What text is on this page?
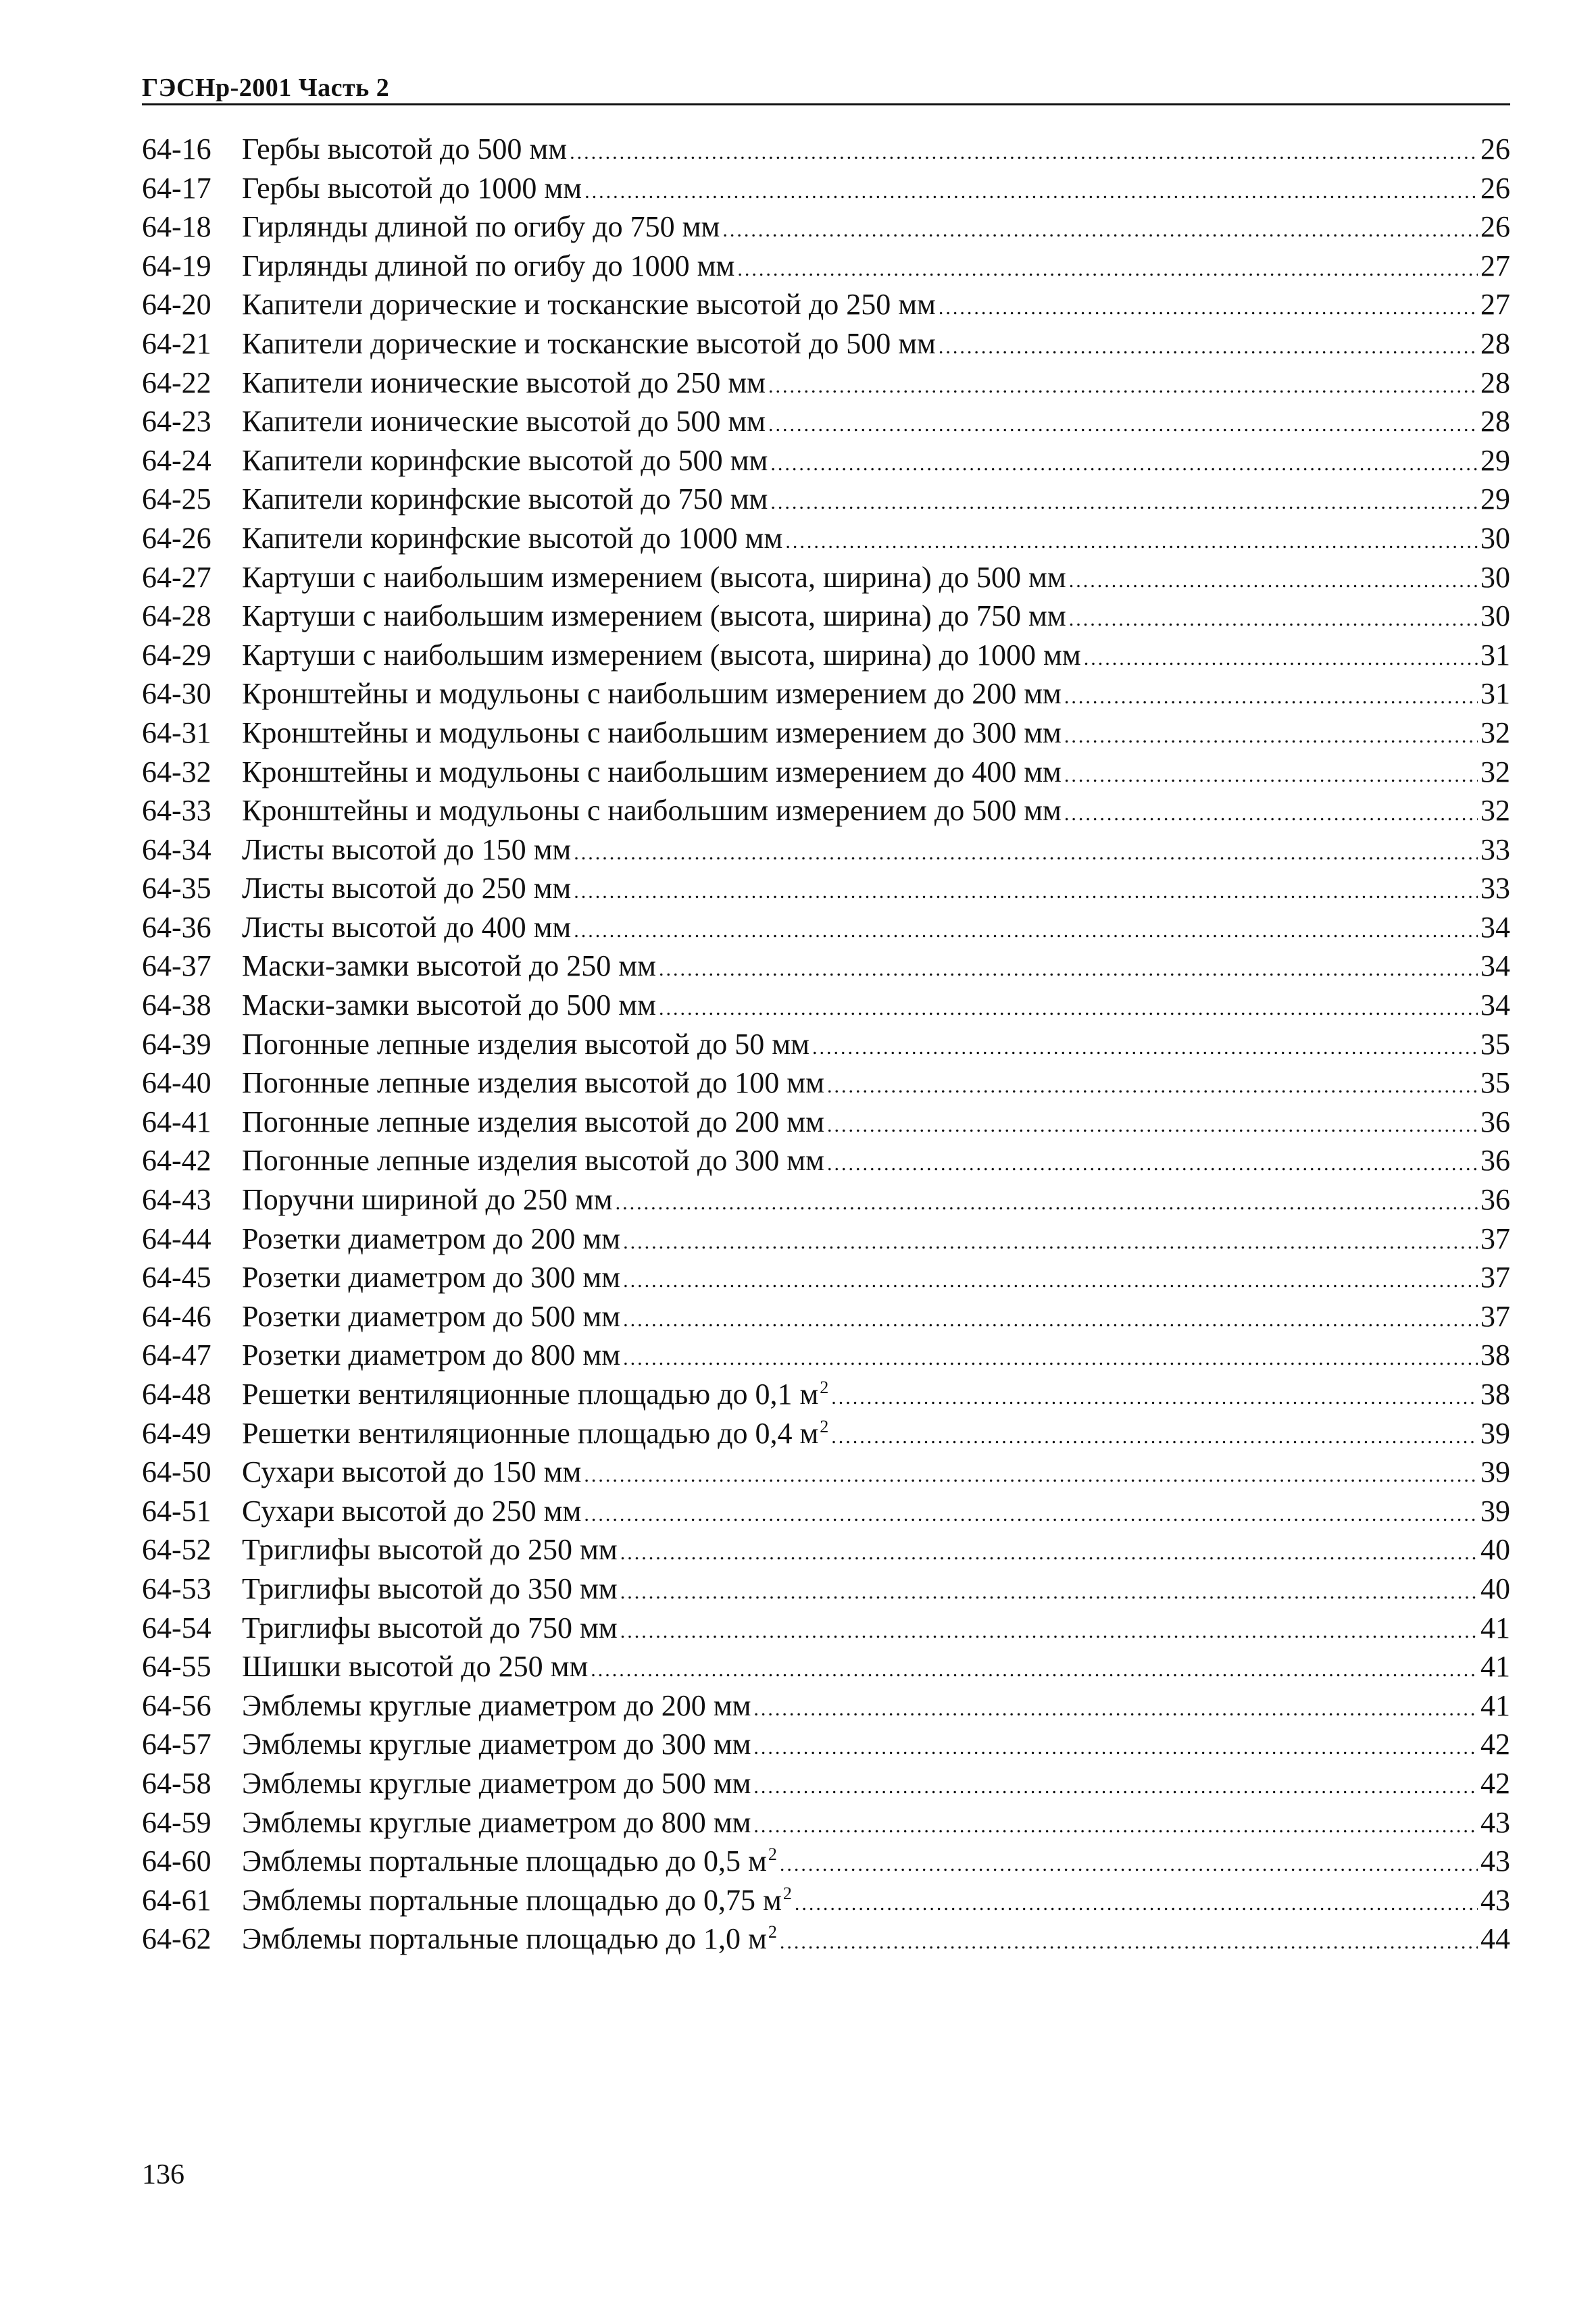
ГЭСНр-2001 Часть 2
64-16	Гербы высотой до 500 мм .....	26
64-17	Гербы высотой до 1000 мм .....	26
64-18	Гирлянды длиной по огибу до 750 мм .....	26
64-19	Гирлянды длиной по огибу до 1000 мм .....	27
64-20	Капители дорические и тосканские высотой до 250 мм .....	27
64-21	Капители дорические и тосканские высотой до 500 мм .....	28
64-22	Капители ионические высотой до 250 мм .....	28
64-23	Капители ионические высотой до 500 мм .....	28
64-24	Капители коринфские высотой до 500 мм .....	29
64-25	Капители коринфские высотой до 750 мм .....	29
64-26	Капители коринфские высотой до 1000 мм .....	30
64-27	Картуши с наибольшим измерением (высота, ширина) до 500 мм .....	30
64-28	Картуши с наибольшим измерением (высота, ширина) до 750 мм .....	30
64-29	Картуши с наибольшим измерением (высота, ширина) до 1000 мм .....	31
64-30	Кронштейны и модульоны с наибольшим измерением до 200 мм .....	31
64-31	Кронштейны и модульоны с наибольшим измерением до 300 мм .....	32
64-32	Кронштейны и модульоны с наибольшим измерением до 400 мм .....	32
64-33	Кронштейны и модульоны с наибольшим измерением до 500 мм .....	32
64-34	Листы высотой до 150 мм .....	33
64-35	Листы высотой до 250 мм .....	33
64-36	Листы высотой до 400 мм .....	34
64-37	Маски-замки высотой до 250 мм .....	34
64-38	Маски-замки высотой до 500 мм .....	34
64-39	Погонные лепные изделия высотой до 50 мм .....	35
64-40	Погонные лепные изделия высотой до 100 мм .....	35
64-41	Погонные лепные изделия высотой до 200 мм .....	36
64-42	Погонные лепные изделия высотой до 300 мм .....	36
64-43	Поручни шириной до 250 мм .....	36
64-44	Розетки диаметром до 200 мм .....	37
64-45	Розетки диаметром до 300 мм .....	37
64-46	Розетки диаметром до 500 мм .....	37
64-47	Розетки диаметром до 800 мм .....	38
64-48	Решетки вентиляционные площадью до 0,1 $м^2$ .....	38
64-49	Решетки вентиляционные площадью до 0,4 $м^2$ .....	39
64-50	Сухари высотой до 150 мм .....	39
64-51	Сухари высотой до 250 мм .....	39
64-52	Триглифы высотой до 250 мм .....	40
64-53	Триглифы высотой до 350 мм .....	40
64-54	Триглифы высотой до 750 мм .....	41
64-55	Шишки высотой до 250 мм .....	41
64-56	Эмблемы круглые диаметром до 200 мм .....	41
64-57	Эмблемы круглые диаметром до 300 мм .....	42
64-58	Эмблемы круглые диаметром до 500 мм .....	42
64-59	Эмблемы круглые диаметром до 800 мм .....	43
64-60	Эмблемы портальные площадью до 0,5 $м^2$ .....	43
64-61	Эмблемы портальные площадью до 0,75 $м^2$ .....	43
64-62	Эмблемы портальные площадью до 1,0 $м^2$ .....	44
136
